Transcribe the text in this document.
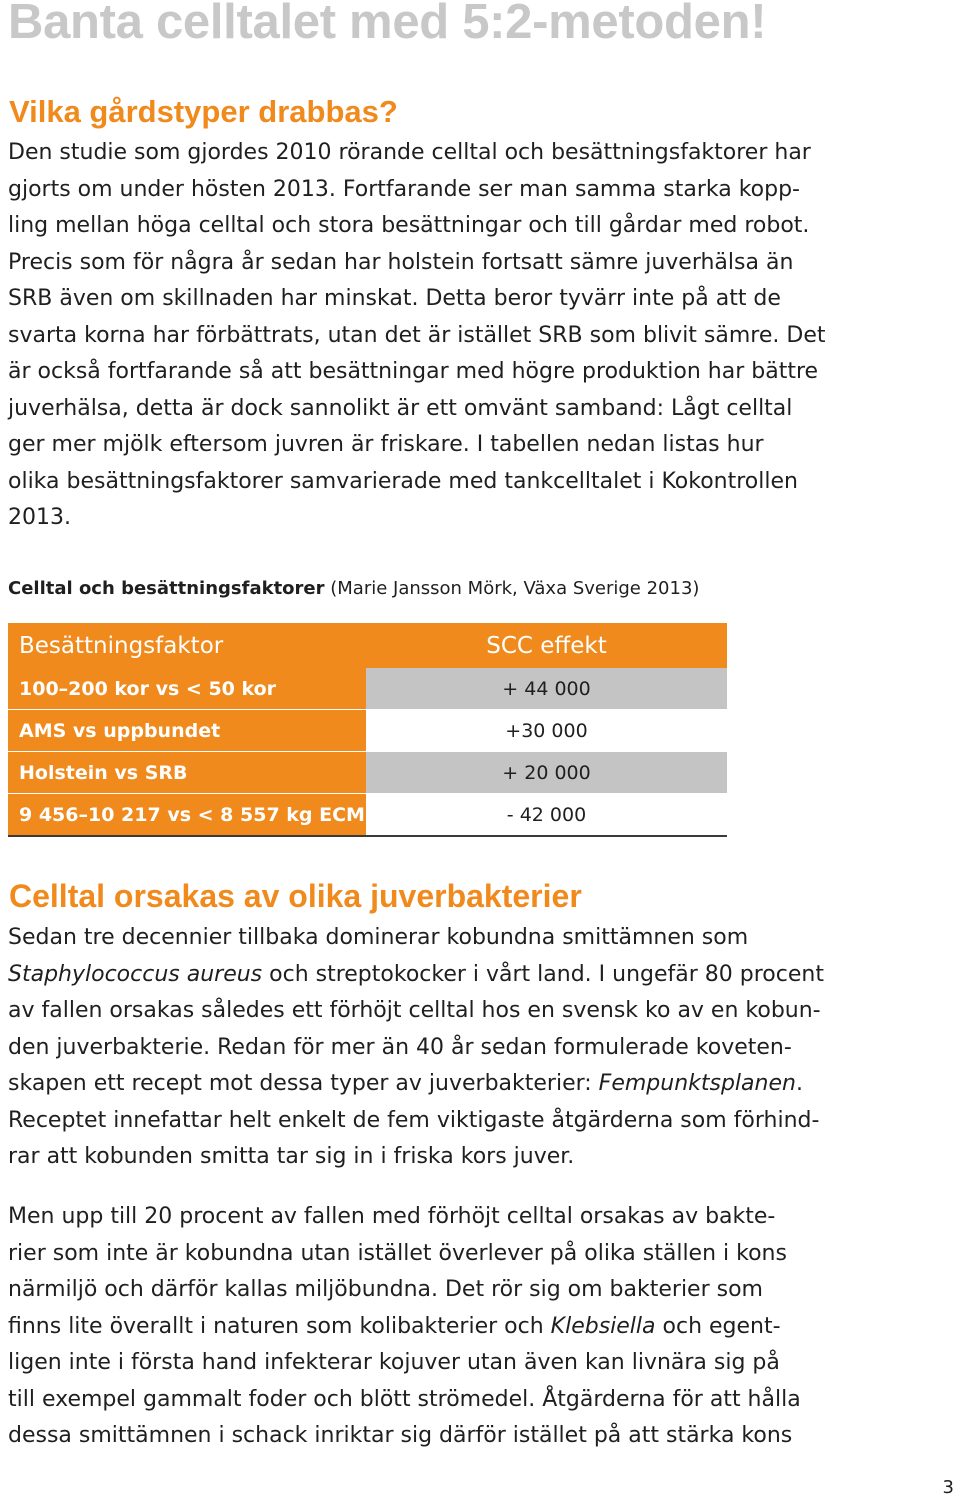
Banta celltalet med 5:2-metoden!
Vilka gårdstyper drabbas?

Den studie som gjordes 2010 rörande celltal och besättningsfaktorer har
gjorts om under hösten 2013. Fortfarande ser man samma starka kopp-
ling mellan höga celltal och stora besättningar och till gårdar med robot.
Precis som för några år sedan har holstein fortsatt sämre juverhälsa än
SRB även om skillnaden har minskat. Detta beror tyvärr inte på att de
svarta korna har förbättrats, utan det är istället SRB som blivit sämre. Det
är också fortfarande så att besättningar med högre produktion har bättre
juverhälsa, detta är dock sannolikt är ett omvänt samband: Lågt celltal
ger mer mjölk eftersom juvren är friskare. I tabellen nedan listas hur
olika besättningsfaktorer samvarierade med tankcelltalet i Kokontrollen
2013.

Celltal och besättningsfaktorer (Marie Jansson Mörk, Växa Sverige 2013)
Besättningsfaktor	SCC effekt
100–200 kor vs < 50 kor	+ 44 000
AMS vs uppbundet	+30 000
Holstein vs SRB	+ 20 000
9 456–10 217 vs < 8 557 kg ECM	- 42 000
Celltal orsakas av olika juverbakterier

Sedan tre decennier tillbaka dominerar kobundna smittämnen som
Staphylococcus aureus och streptokocker i vårt land. I ungefär 80 procent
av fallen orsakas således ett förhöjt celltal hos en svensk ko av en kobun-
den juverbakterie. Redan för mer än 40 år sedan formulerade koveten-
skapen ett recept mot dessa typer av juverbakterier: Fempunktsplanen.
Receptet innefattar helt enkelt de fem viktigaste åtgärderna som förhind-
rar att kobunden smitta tar sig in i friska kors juver.

Men upp till 20 procent av fallen med förhöjt celltal orsakas av bakte-
rier som inte är kobundna utan istället överlever på olika ställen i kons
närmiljö och därför kallas miljöbundna. Det rör sig om bakterier som
finns lite överallt i naturen som kolibakterier och Klebsiella och egent-
ligen inte i första hand infekterar kojuver utan även kan livnära sig på
till exempel gammalt foder och blött strömedel. Åtgärderna för att hålla
dessa smittämnen i schack inriktar sig därför istället på att stärka kons

3
